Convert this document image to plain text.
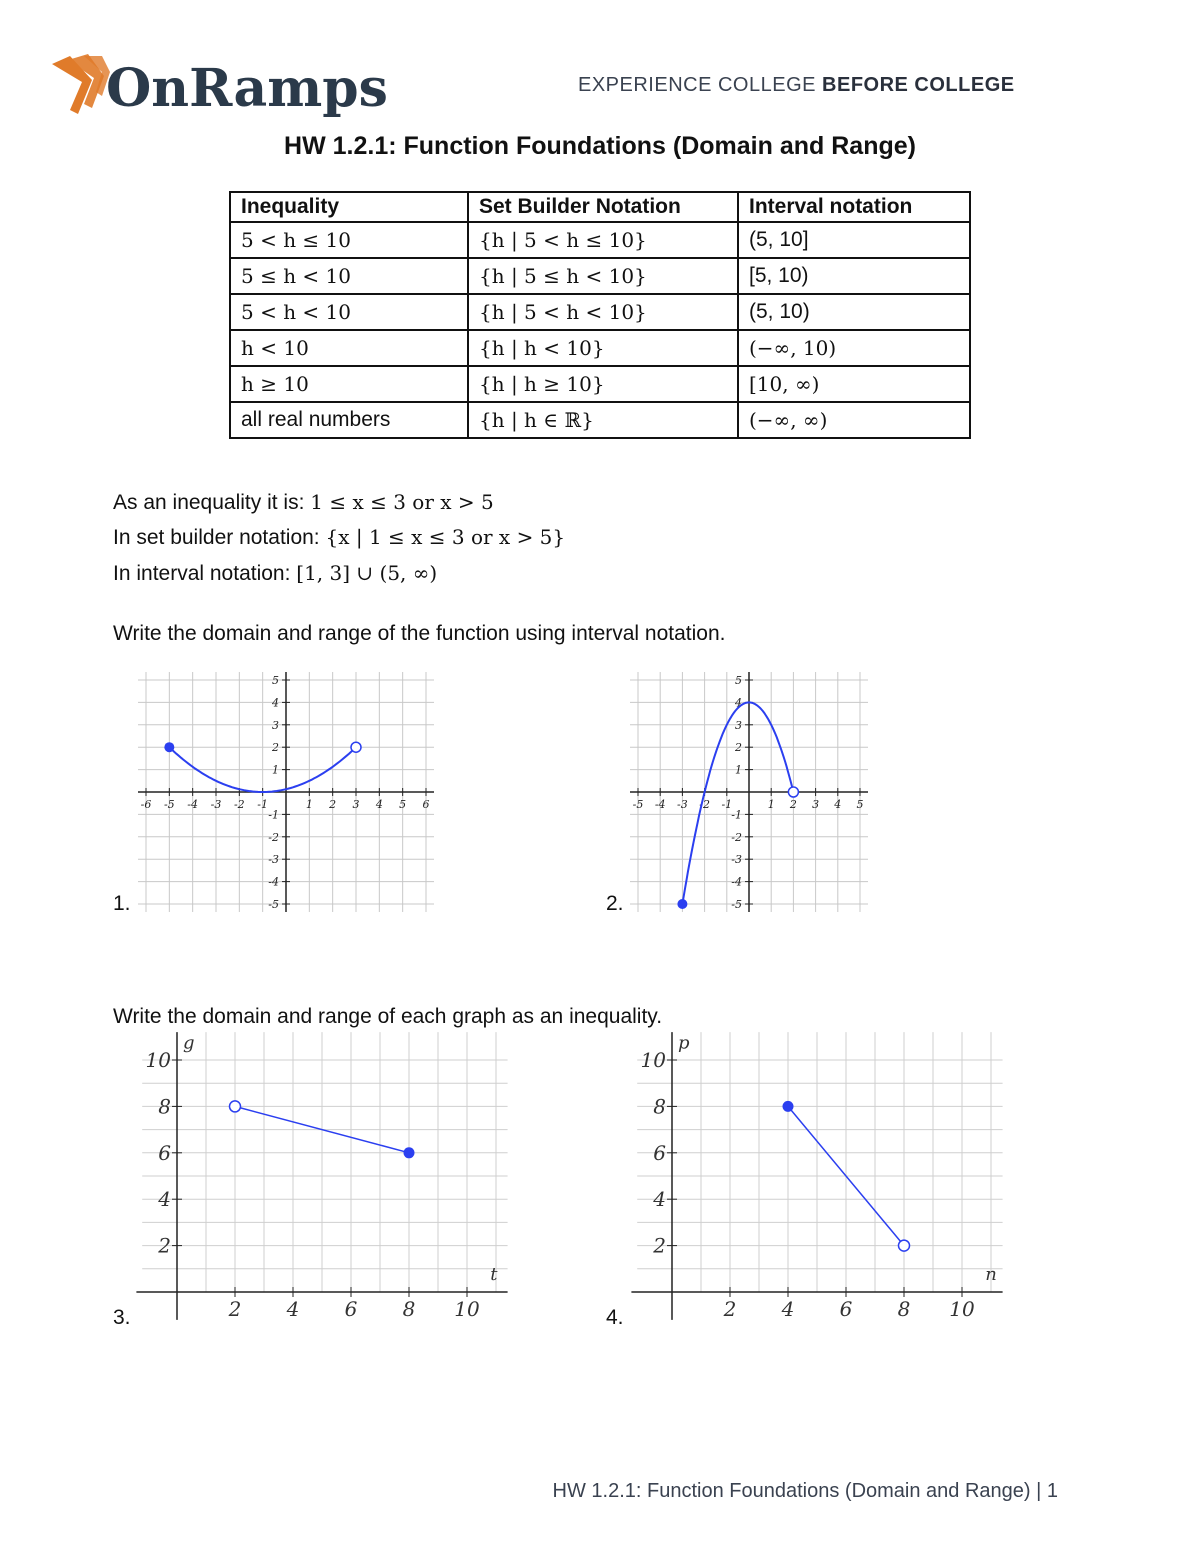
OnRamps	EXPERIENCE COLLEGE BEFORE COLLEGE
HW 1.2.1: Function Foundations (Domain and Range)
Inequality	Set Builder Notation	Interval notation
5 < h ≤ 10	{h | 5 < h ≤ 10}	(5, 10]
5 ≤ h < 10	{h | 5 ≤ h < 10}	[5, 10)
5 < h < 10	{h | 5 < h < 10}	(5, 10)
h < 10	{h | h < 10}	(−∞, 10)
h ≥ 10	{h | h ≥ 10}	[10, ∞)
all real numbers	{h | h ∈ ℝ}	(−∞, ∞)
As an inequality it is: 1 ≤ x ≤ 3 or x > 5
In set builder notation: {x | 1 ≤ x ≤ 3 or x > 5}
In interval notation: [1, 3] ∪ (5, ∞)
Write the domain and range of the function using interval notation.
-6 -5 -4 -3 -2 -1	1 2 3 4 5 6
5
4
3
2
1
-1
-2
-3
-4
-5
1.
-5 -4 -3 -2 -1	1 2 3 4 5
5
4
3
2
1
-1
-2
-3
-4
-5
2.
Write the domain and range of each graph as an inequality.
2 4 6 8 10
10
8
6
4
2
t
g
3.	2 4 6 8 10
10
8
6
4
2
n
p
4.
HW 1.2.1: Function Foundations (Domain and Range) | 1
